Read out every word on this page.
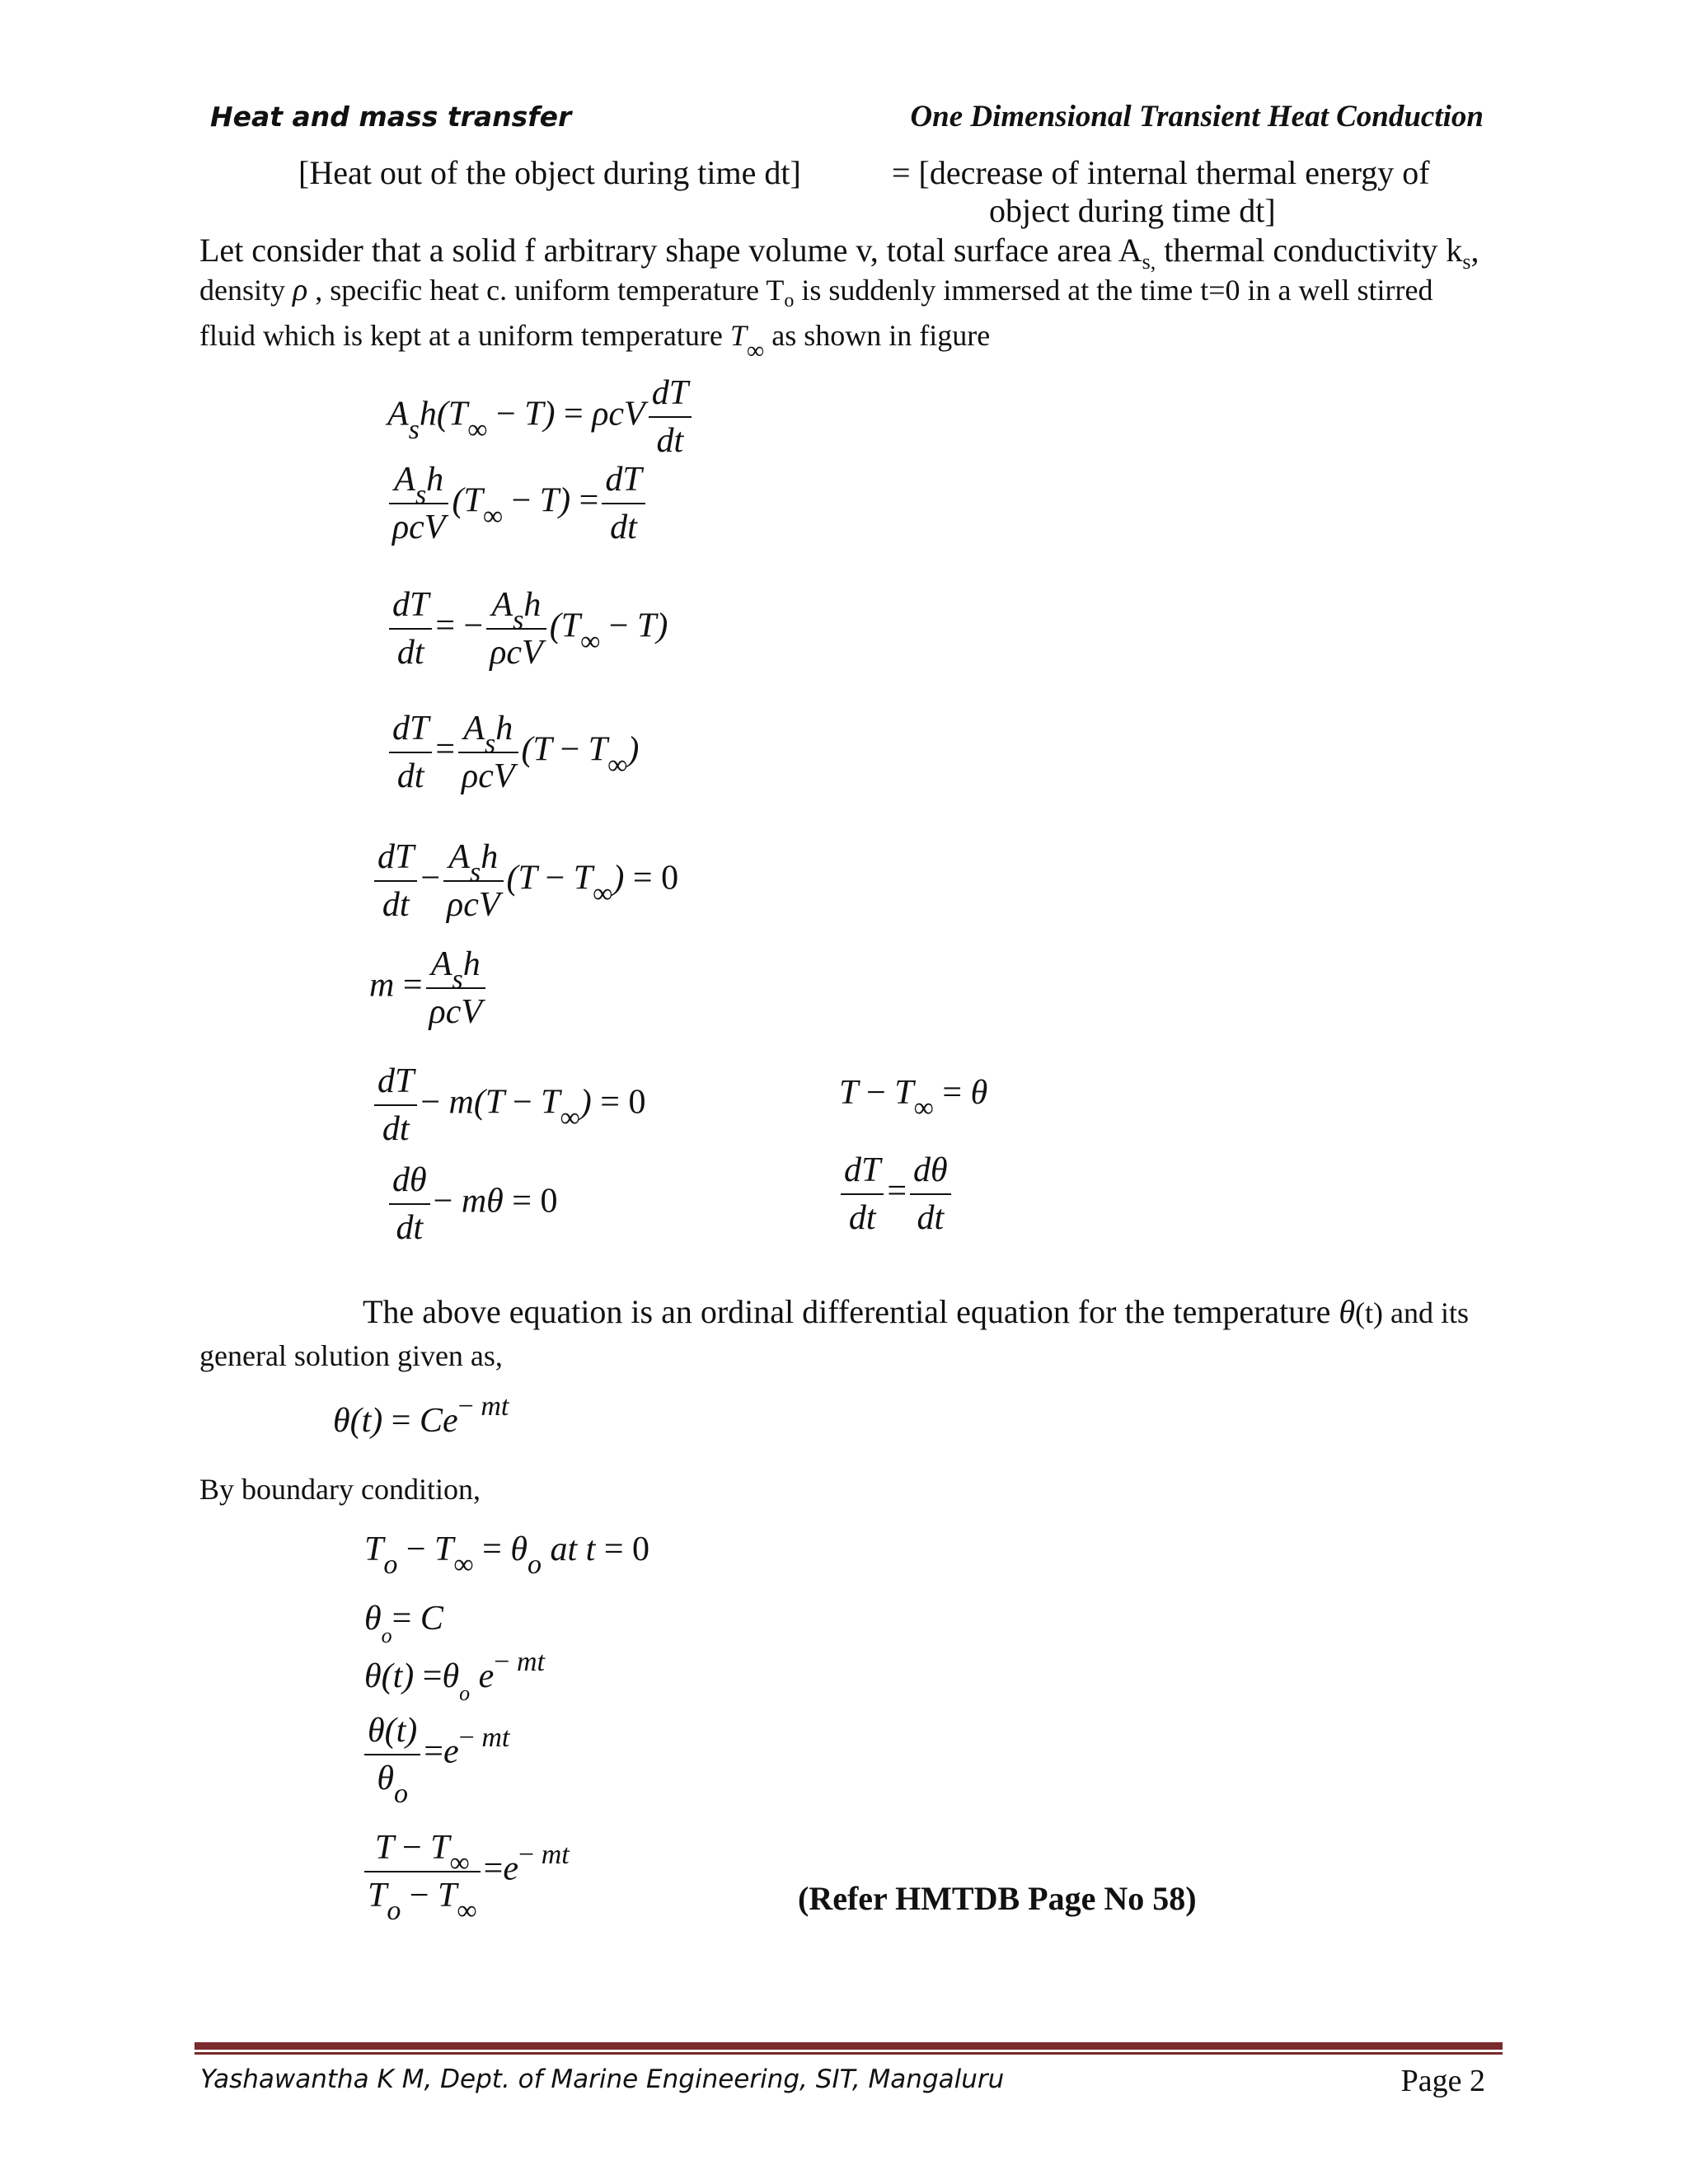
Heat and mass transfer	One Dimensional Transient Heat Conduction
[Heat out of the object during time dt]	= [decrease of internal thermal energy of
object during time dt]
Let consider that a solid f arbitrary shape volume v, total surface area $A_{s,}$ thermal conductivity $k_s$,
density ρ , specific heat c. uniform temperature $T_o$ is suddenly immersed at the time t=0 in a well stirred
fluid which is kept at a uniform temperature $T_\infty$ as shown in figure
$A_sh(T_\infty - T) = \rho cV \frac{dT}{dt}$
$\frac{A_sh}{\text{ρcV}} (T_\infty - T) = \frac{dT}{dt}$
$\frac{dT}{dt}$ = − $\frac{A_sh}{\text{ρcV}} (T_\infty - T)$
$\frac{dT}{dt} = \frac{A_sh}{\text{ρcV}} (T - T_\infty)$
$\frac{dT}{dt} - \frac{A_sh}{\text{ρcV}} (T - T_\infty) = 0$
$m = \frac{A_sh}{\text{ρcV}}$
$\frac{dT}{dt} - m(T - T_\infty) = 0$	$T - T_\infty = \theta$
$\frac{d\theta}{dt} - m\theta = 0$	$\frac{dT}{dt} = \frac{d\theta}{dt}$
The above equation is an ordinal differential equation for the temperature θ(t) and its
general solution given as,
$\theta(t) = Ce^{- mt}$
By boundary condition,
$T_o - T_\infty = \theta_o$ at t = 0
$\theta_o= C$
$\theta(t) =\theta_o$ $e^{- mt}$
$\frac{\theta(t)}{\theta_o} =e^{- mt}$
$\frac{T - T_\infty}{T_o - T_\infty} =e^{- mt}$
(Refer HMTDB Page No 58)
Yashawantha K M, Dept. of Marine Engineering, SIT, Mangaluru	Page 2
